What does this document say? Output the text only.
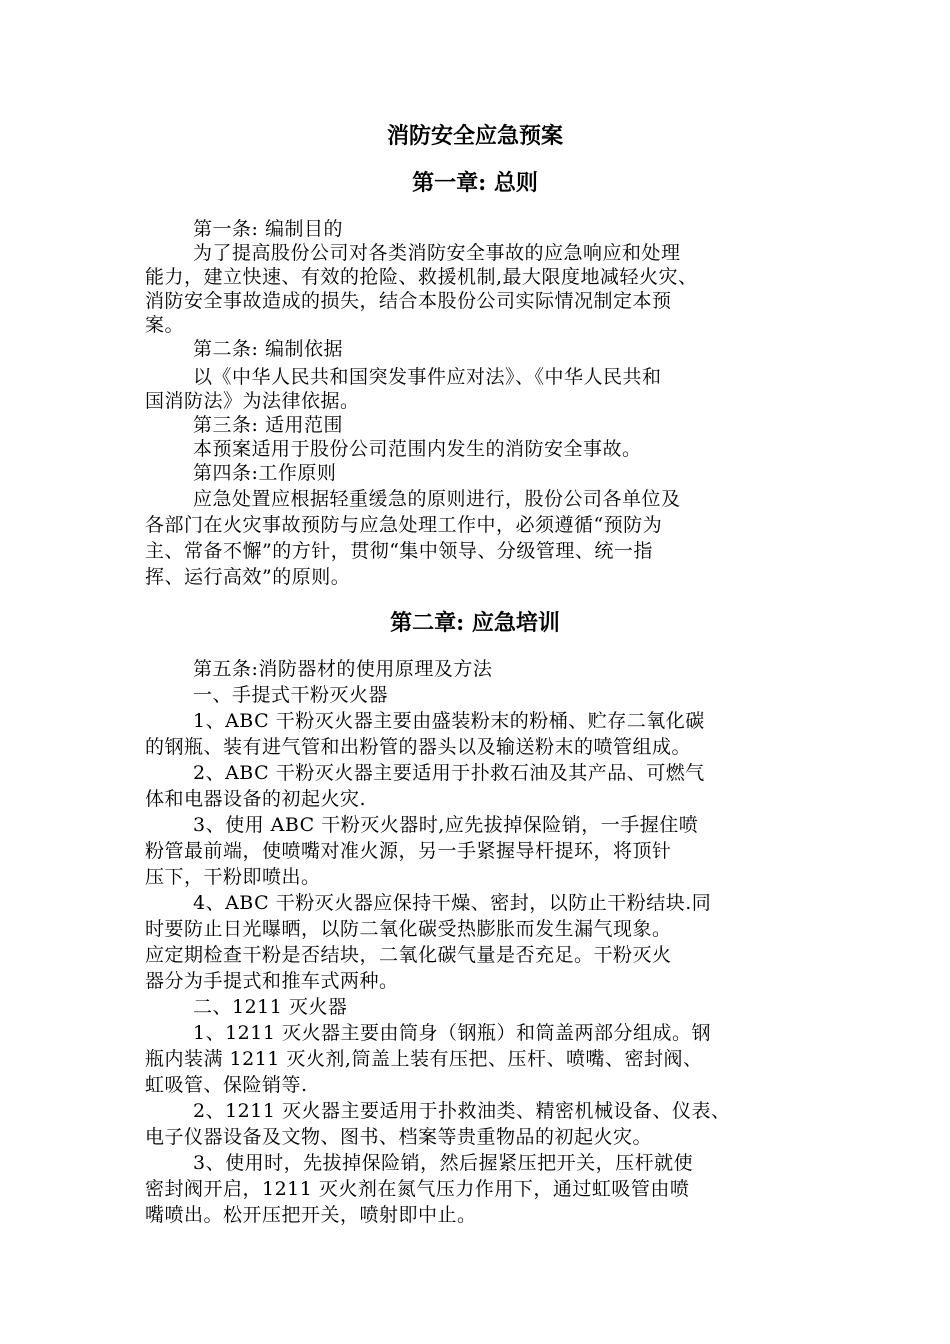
消防安全应急预案
第一章: 总则
第一条: 编制目的
为了提高股份公司对各类消防安全事故的应急响应和处理
能力，建立快速、有效的抢险、救援机制,最大限度地减轻火灾、
消防安全事故造成的损失，结合本股份公司实际情况制定本预
案。
第二条: 编制依据
以《中华人民共和国突发事件应对法》、《中华人民共和
国消防法》为法律依据。
第三条: 适用范围
本预案适用于股份公司范围内发生的消防安全事故。
第四条:工作原则
应急处置应根据轻重缓急的原则进行，股份公司各单位及
各部门在火灾事故预防与应急处理工作中，必须遵循“预防为
主、常备不懈”的方针，贯彻“集中领导、分级管理、统一指
挥、运行高效”的原则。
第二章: 应急培训
第五条:消防器材的使用原理及方法
一、手提式干粉灭火器
1、ABC 干粉灭火器主要由盛装粉末的粉桶、贮存二氧化碳
的钢瓶、装有进气管和出粉管的器头以及输送粉末的喷管组成。
2、ABC 干粉灭火器主要适用于扑救石油及其产品、可燃气
体和电器设备的初起火灾.
3、使用 ABC 干粉灭火器时,应先拔掉保险销，一手握住喷
粉管最前端，使喷嘴对准火源，另一手紧握导杆提环，将顶针
压下，干粉即喷出。
4、ABC 干粉灭火器应保持干燥、密封，以防止干粉结块.同
时要防止日光曝晒，以防二氧化碳受热膨胀而发生漏气现象。
应定期检查干粉是否结块，二氧化碳气量是否充足。干粉灭火
器分为手提式和推车式两种。
二、1211 灭火器
1、1211 灭火器主要由筒身（钢瓶）和筒盖两部分组成。钢
瓶内装满 1211 灭火剂,筒盖上装有压把、压杆、喷嘴、密封阀、
虹吸管、保险销等.
2、1211 灭火器主要适用于扑救油类、精密机械设备、仪表、
电子仪器设备及文物、图书、档案等贵重物品的初起火灾。
3、使用时，先拔掉保险销，然后握紧压把开关，压杆就使
密封阀开启，1211 灭火剂在氮气压力作用下，通过虹吸管由喷
嘴喷出。松开压把开关，喷射即中止。
